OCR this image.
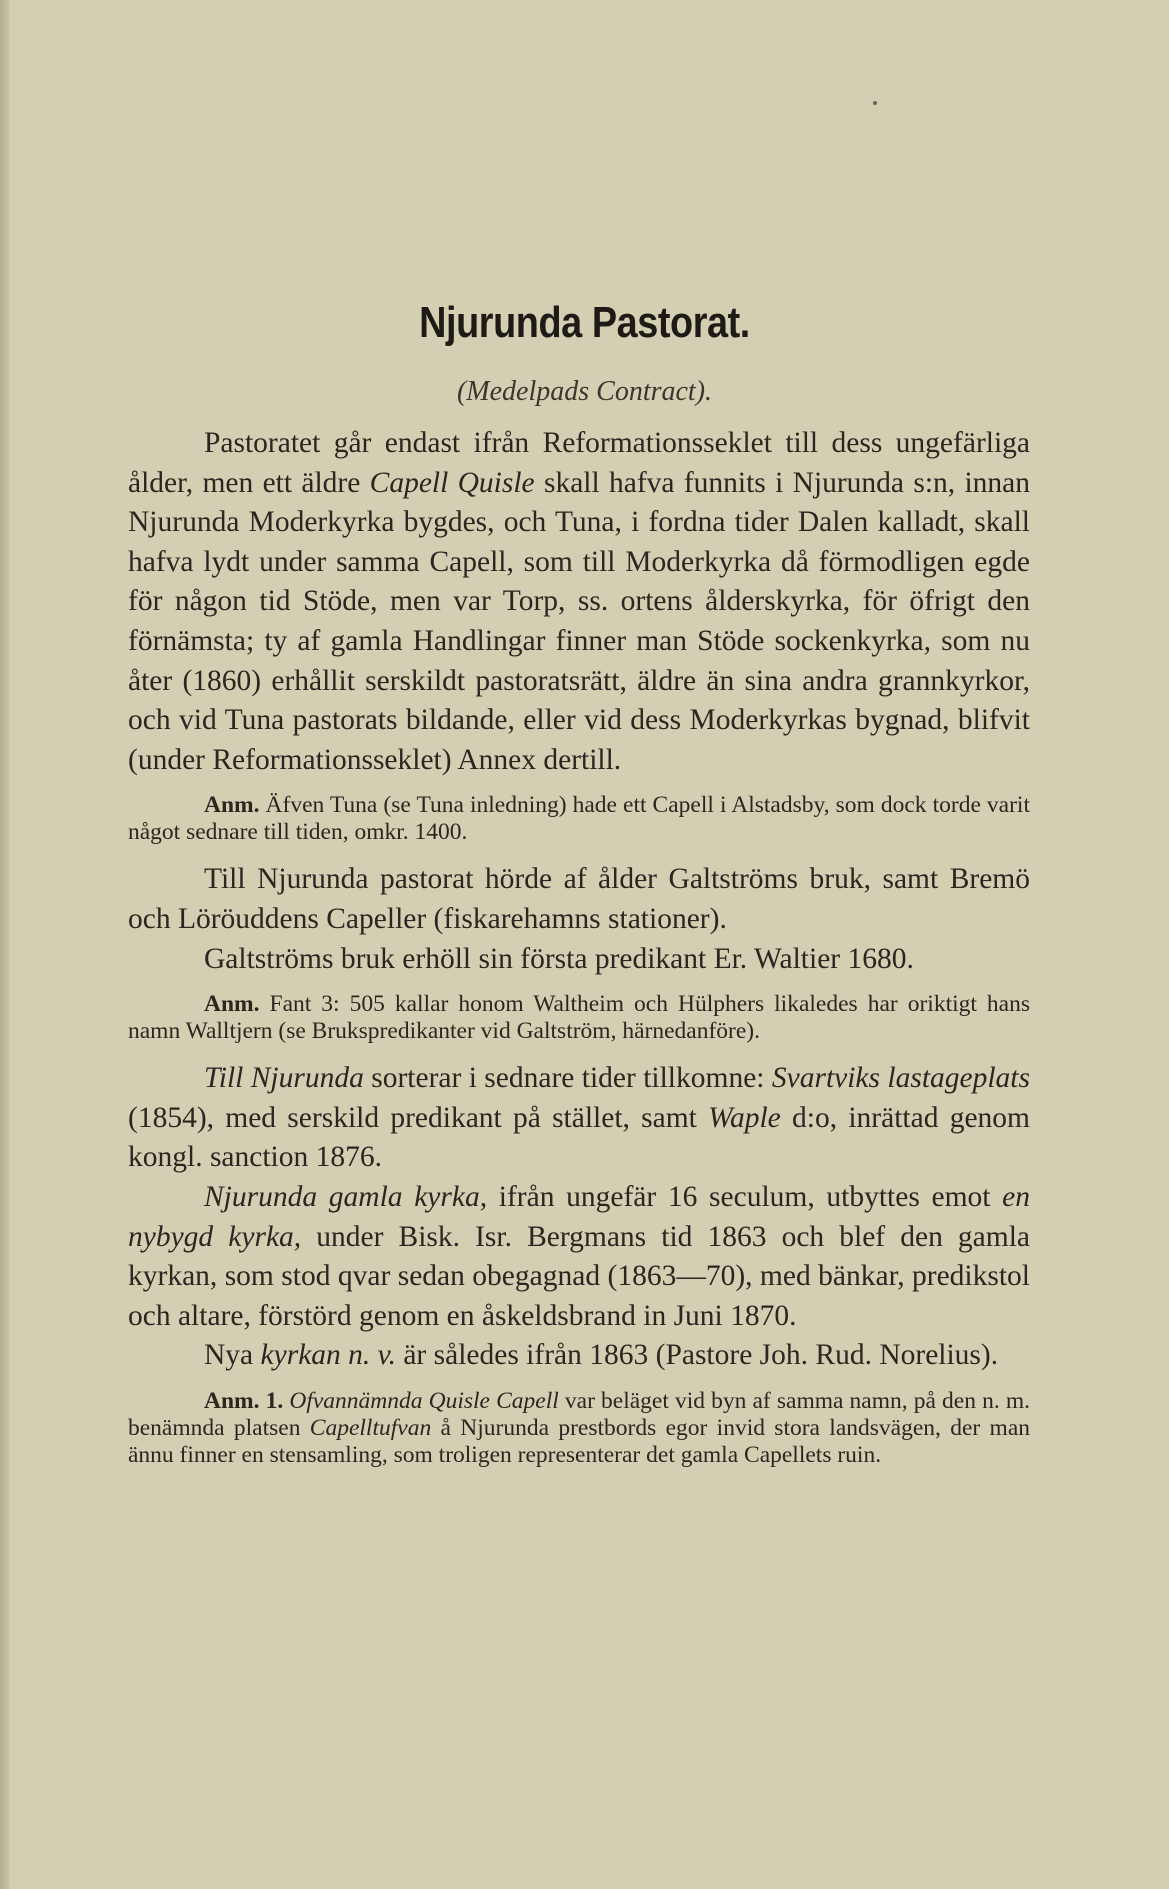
Njurunda Pastorat.
(Medelpads Contract).

Pastoratet går endast ifrån Reformationsseklet till dess ungefärliga ålder, men ett äldre Capell Quisle skall hafva funnits i Njurunda s:n, innan Njurunda Moderkyrka bygdes, och Tuna, i fordna tider Dalen kalladt, skall hafva lydt under samma Capell, som till Moderkyrka då förmodligen egde för någon tid Stöde, men var Torp, ss. ortens ålderskyrka, för öfrigt den förnämsta; ty af gamla Handlingar finner man Stöde sockenkyrka, som nu åter (1860) erhållit serskildt pastoratsrätt, äldre än sina andra grannkyrkor, och vid Tuna pastorats bildande, eller vid dess Moderkyrkas bygnad, blifvit (under Reformationsseklet) Annex dertill.

Anm. Äfven Tuna (se Tuna inledning) hade ett Capell i Alstadsby, som dock torde varit något sednare till tiden, omkr. 1400.

Till Njurunda pastorat hörde af ålder Galtströms bruk, samt Bremö och Löröuddens Capeller (fiskarehamns stationer).

Galtströms bruk erhöll sin första predikant Er. Waltier 1680.

Anm. Fant 3: 505 kallar honom Waltheim och Hülphers likaledes har oriktigt hans namn Walltjern (se Brukspredikanter vid Galtström, härnedanföre).

Till Njurunda sorterar i sednare tider tillkomne: Svartviks lastageplats (1854), med serskild predikant på stället, samt Waple d:o, inrättad genom kongl. sanction 1876.

Njurunda gamla kyrka, ifrån ungefär 16 seculum, utbyttes emot en nybygd kyrka, under Bisk. Isr. Bergmans tid 1863 och blef den gamla kyrkan, som stod qvar sedan obegagnad (1863—70), med bänkar, predikstol och altare, förstörd genom en åskeldsbrand in Juni 1870.

Nya kyrkan n. v. är således ifrån 1863 (Pastore Joh. Rud. Norelius).

Anm. 1. Ofvannämnda Quisle Capell var beläget vid byn af samma namn, på den n. m. benämnda platsen Capelltufvan å Njurunda prestbords egor invid stora landsvägen, der man ännu finner en stensamling, som troligen representerar det gamla Capellets ruin.
